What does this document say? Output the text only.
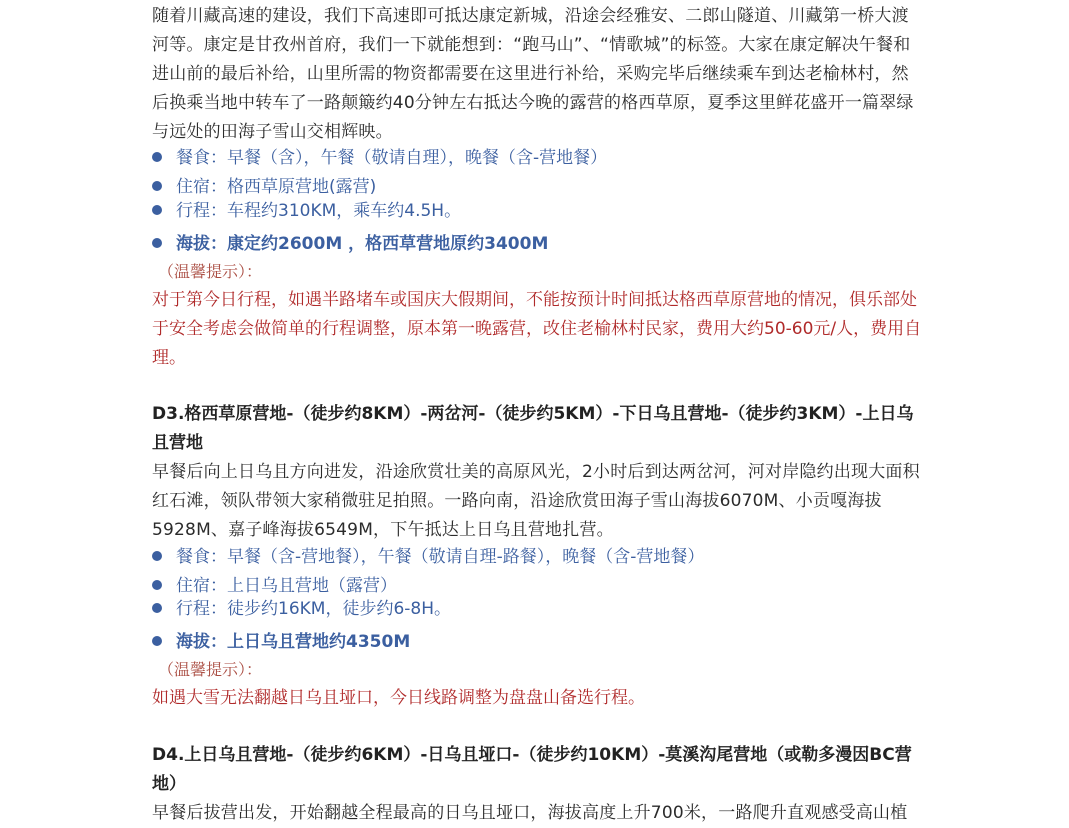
随着川藏高速的建设，我们下高速即可抵达康定新城，沿途会经雅安、二郎山隧道、川藏第一桥大渡河等。康定是甘孜州首府，我们一下就能想到：“跑马山”、“情歌城”的标签。大家在康定解决午餐和进山前的最后补给，山里所需的物资都需要在这里进行补给，采购完毕后继续乘车到达老榆林村，然后换乘当地中转车了一路颠簸约40分钟左右抵达今晚的露营的格西草原，夏季这里鲜花盛开一篇翠绿与远处的田海子雪山交相辉映。

餐食：早餐（含），午餐（敬请自理），晚餐（含-营地餐）
住宿：格西草原营地(露营)
行程：车程约310KM，乘车约4.5H。
海拔：康定约2600M ，格西草营地原约3400M
（温馨提示）：

对于第今日行程，如遇半路堵车或国庆大假期间，不能按预计时间抵达格西草原营地的情况，俱乐部处于安全考虑会做简单的行程调整，原本第一晚露营，改住老榆林村民家，费用大约50-60元/人，费用自理。

D3.格西草原营地-（徒步约8KM）-两岔河-（徒步约5KM）-下日乌且营地-（徒步约3KM）-上日乌且营地

早餐后向上日乌且方向进发，沿途欣赏壮美的高原风光，2小时后到达两岔河，河对岸隐约出现大面积红石滩，领队带领大家稍微驻足拍照。一路向南，沿途欣赏田海子雪山海拔6070M、小贡嘎海拔5928M、嘉子峰海拔6549M，下午抵达上日乌且营地扎营。

餐食：早餐（含-营地餐），午餐（敬请自理-路餐），晚餐（含-营地餐）
住宿：上日乌且营地（露营）
行程：徒步约16KM，徒步约6-8H。
海拔：上日乌且营地约4350M
（温馨提示）：

如遇大雪无法翻越日乌且垭口，今日线路调整为盘盘山备选行程。

D4.上日乌且营地-（徒步约6KM）-日乌且垭口-（徒步约10KM）-莫溪沟尾营地（或勒多漫因BC营地）

早餐后拔营出发，开始翻越全程最高的日乌且垭口，海拔高度上升700米，一路爬升直观感受高山植
